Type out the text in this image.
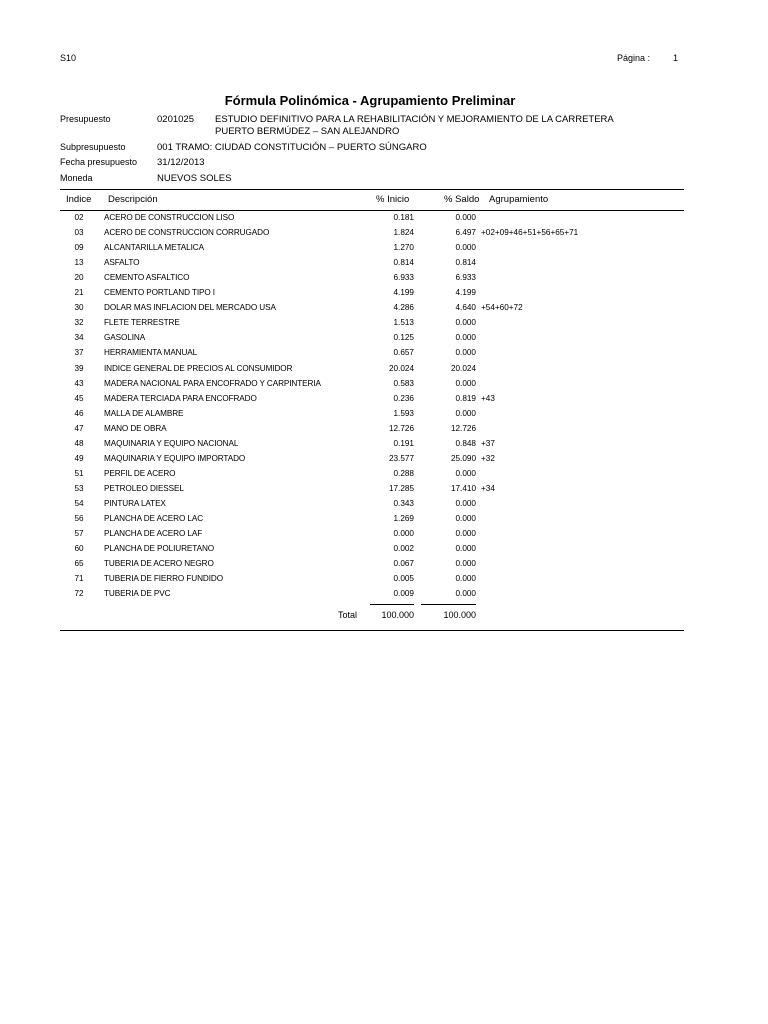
S10	Página :	1
Fórmula Polinómica - Agrupamiento Preliminar
Presupuesto	0201025 ESTUDIO DEFINITIVO PARA LA REHABILITACIÓN Y MEJORAMIENTO DE LA CARRETERA
PUERTO BERMÚDEZ – SAN ALEJANDRO
Subpresupuesto	001 TRAMO: CIUDAD CONSTITUCIÓN – PUERTO SÚNGARO
Fecha presupuesto 31/12/2013
Moneda	NUEVOS SOLES
Indice Descripción	% Inicio	% Saldo Agrupamiento
02	ACERO DE CONSTRUCCION LISO	0.181	0.000
03	ACERO DE CONSTRUCCION CORRUGADO	1.824	6.497 +02+09+46+51+56+65+71
09	ALCANTARILLA METALICA	1.270	0.000
13	ASFALTO	0.814	0.814
20	CEMENTO ASFALTICO	6.933	6.933
21	CEMENTO PORTLAND TIPO I	4.199	4.199
30	DOLAR MAS INFLACION DEL MERCADO USA	4.286	4.640 +54+60+72
32	FLETE TERRESTRE	1.513	0.000
34	GASOLINA	0.125	0.000
37	HERRAMIENTA MANUAL	0.657	0.000
39	INDICE GENERAL DE PRECIOS AL CONSUMIDOR	20.024	20.024
43	MADERA NACIONAL PARA ENCOFRADO Y CARPINTERIA	0.583	0.000
45	MADERA TERCIADA PARA ENCOFRADO	0.236	0.819 +43
46	MALLA DE ALAMBRE	1.593	0.000
47	MANO DE OBRA	12.726	12.726
48	MAQUINARIA Y EQUIPO NACIONAL	0.191	0.848 +37
49	MAQUINARIA Y EQUIPO IMPORTADO	23.577	25.090 +32
51	PERFIL DE ACERO	0.288	0.000
53	PETROLEO DIESSEL	17.285	17.410 +34
54	PINTURA LATEX	0.343	0.000
56	PLANCHA DE ACERO LAC	1.269	0.000
57	PLANCHA DE ACERO LAF	0.000	0.000
60	PLANCHA DE POLIURETANO	0.002	0.000
65	TUBERIA DE ACERO NEGRO	0.067	0.000
71	TUBERIA DE FIERRO FUNDIDO	0.005	0.000
72	TUBERIA DE PVC	0.009	0.000
Total	100.000	100.000
